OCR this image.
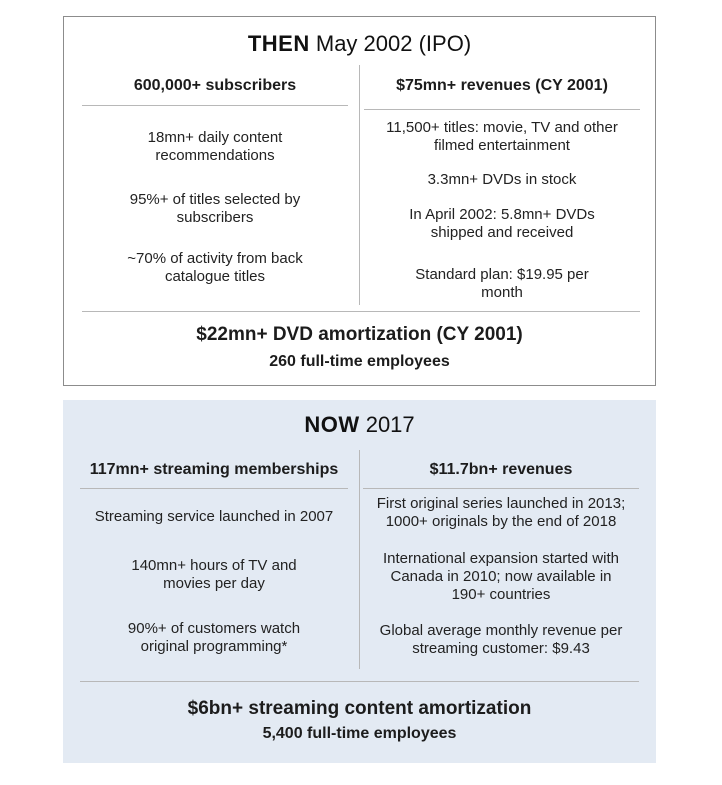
THEN May 2002 (IPO)
600,000+ subscribers	$75mn+ revenues (CY 2001)
18mn+ daily content recommendations
95%+ of titles selected by subscribers
~70% of activity from back catalogue titles
11,500+ titles: movie, TV and other filmed entertainment
3.3mn+ DVDs in stock
In April 2002: 5.8mn+ DVDs shipped and received
Standard plan: $19.95 per month
$22mn+ DVD amortization (CY 2001)
260 full-time employees
NOW 2017
117mn+ streaming memberships	$11.7bn+ revenues
Streaming service launched in 2007
140mn+ hours of TV and movies per day
90%+ of customers watch original programming*
First original series launched in 2013; 1000+ originals by the end of 2018
International expansion started with Canada in 2010; now available in 190+ countries
Global average monthly revenue per streaming customer: $9.43
$6bn+ streaming content amortization
5,400 full-time employees
